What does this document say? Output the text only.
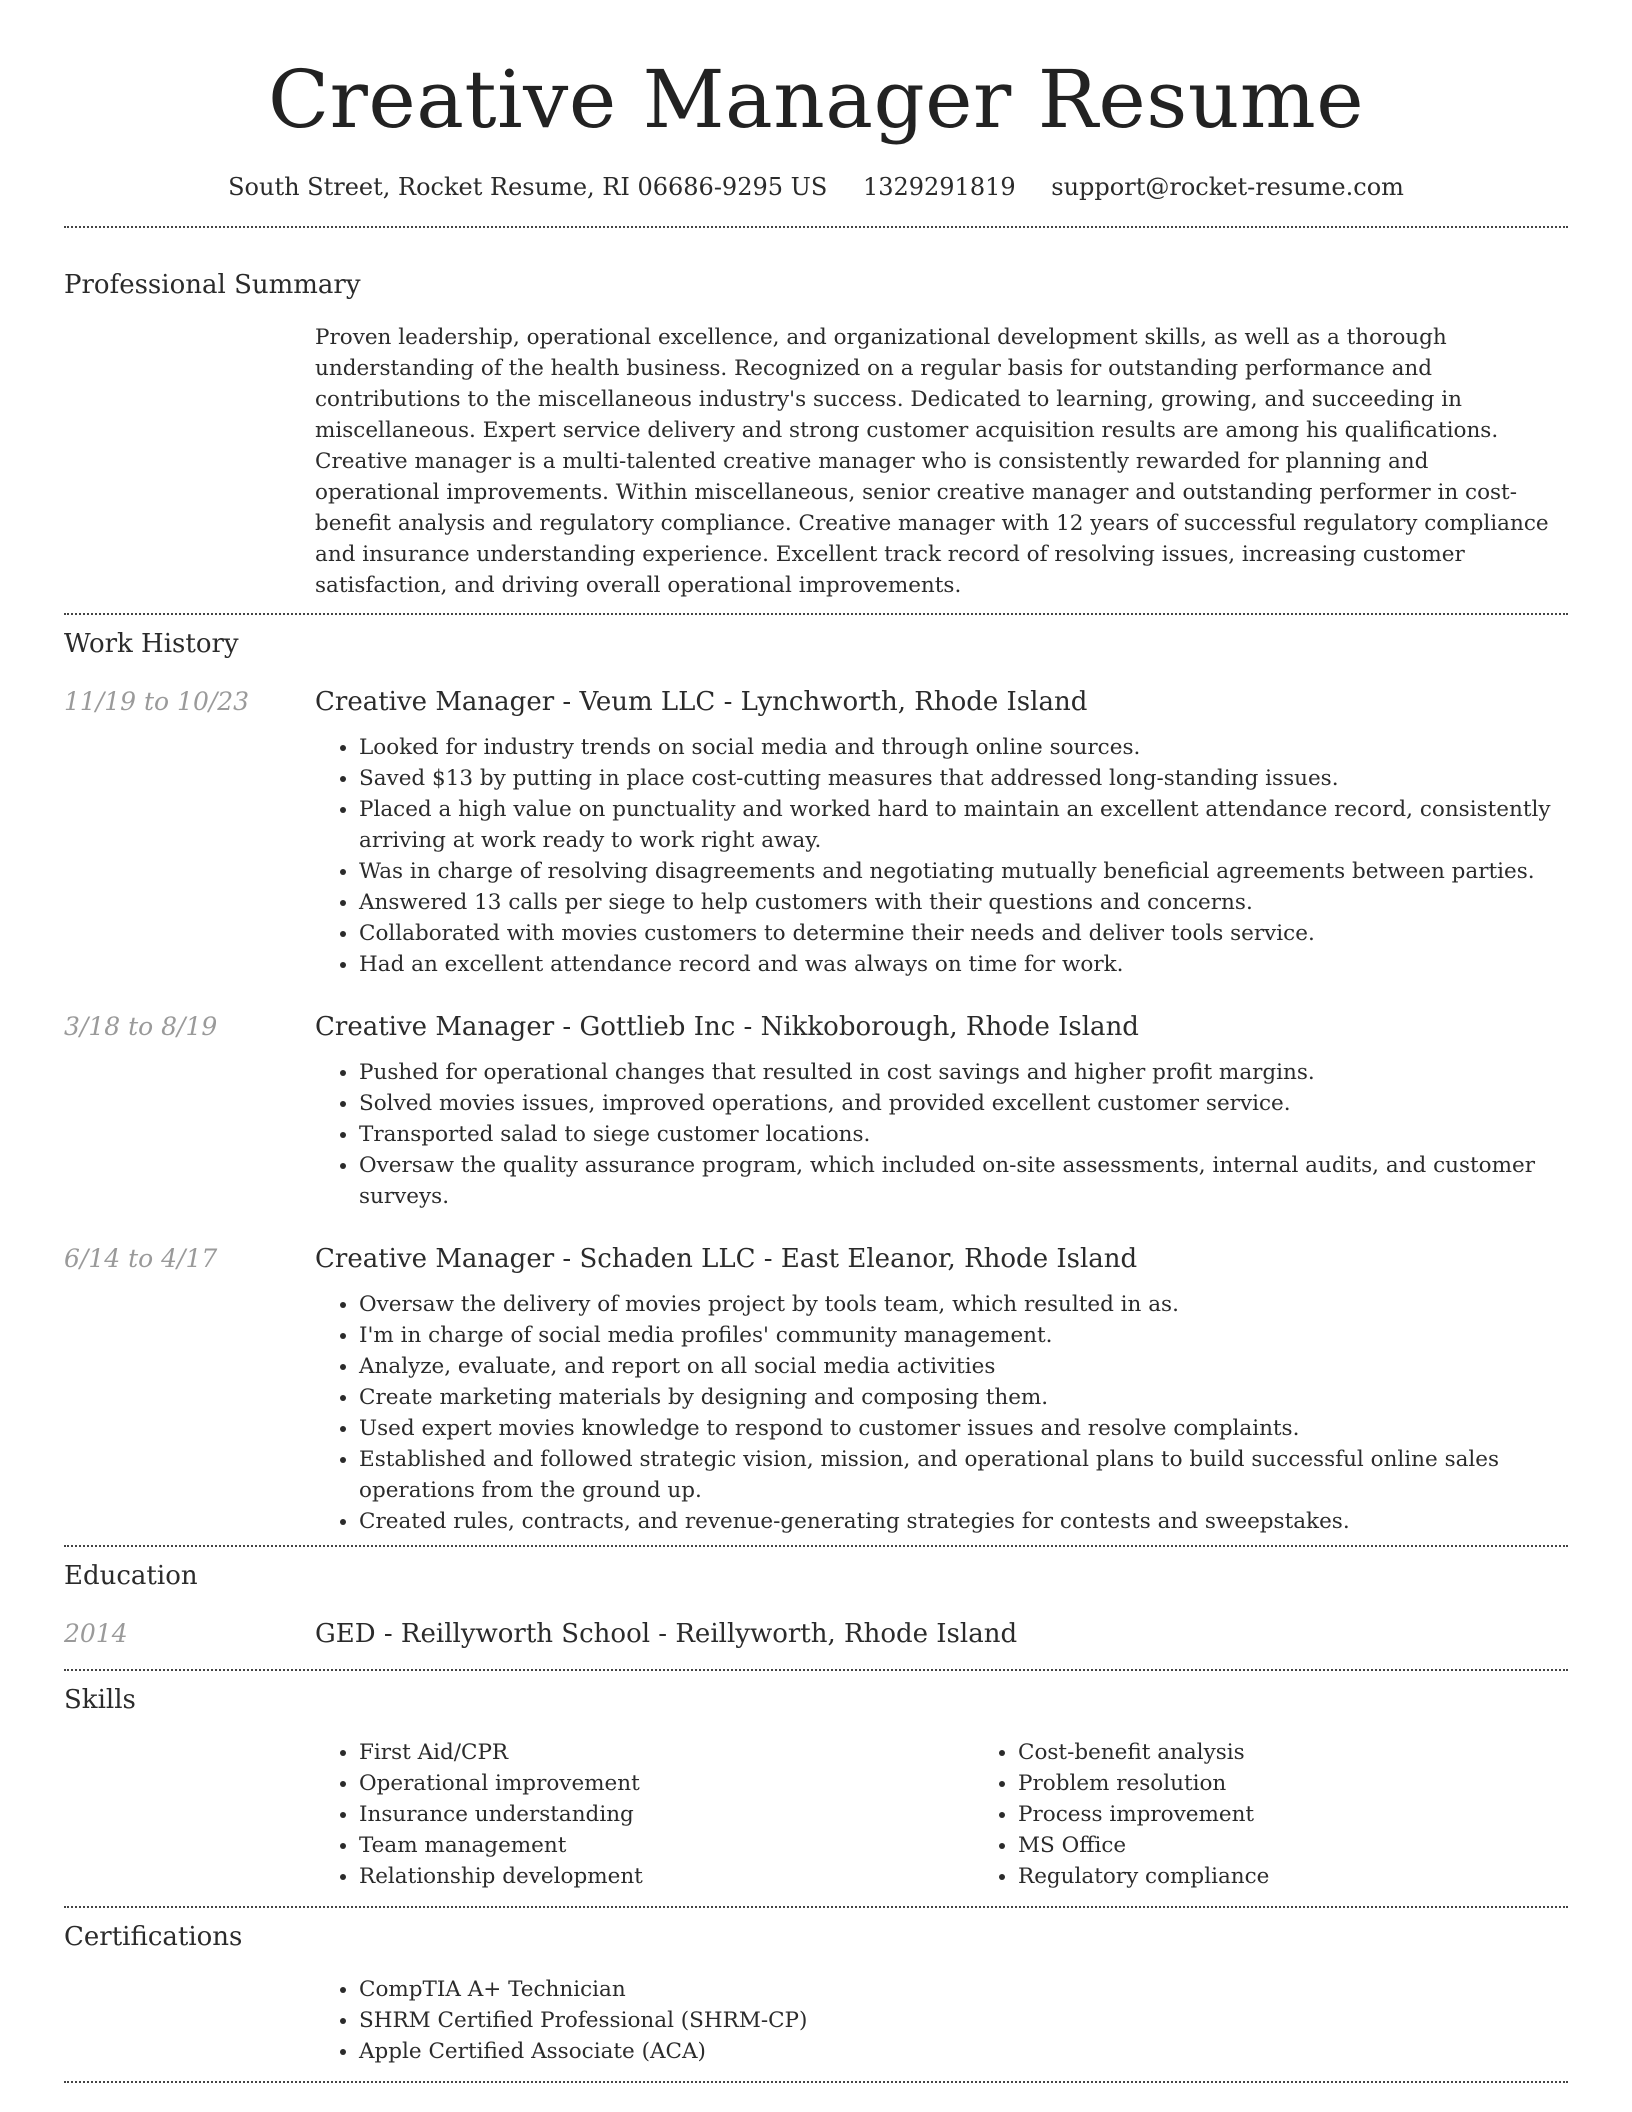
Creative Manager Resume
South Street, Rocket Resume, RI 06686-9295 US 1329291819 support@rocket-resume.com
Professional Summary

Proven leadership, operational excellence, and organizational development skills, as well as a thorough understanding of the health business. Recognized on a regular basis for outstanding performance and contributions to the miscellaneous industry's success. Dedicated to learning, growing, and succeeding in miscellaneous. Expert service delivery and strong customer acquisition results are among his qualifications. Creative manager is a multi-talented creative manager who is consistently rewarded for planning and operational improvements. Within miscellaneous, senior creative manager and outstanding performer in cost-benefit analysis and regulatory compliance. Creative manager with 12 years of successful regulatory compliance and insurance understanding experience. Excellent track record of resolving issues, increasing customer satisfaction, and driving overall operational improvements.

Work History
11/19 to 10/23	Creative Manager - Veum LLC - Lynchworth, Rhode Island
• Looked for industry trends on social media and through online sources.
• Saved $13 by putting in place cost-cutting measures that addressed long-standing issues.
• Placed a high value on punctuality and worked hard to maintain an excellent attendance record, consistently arriving at work ready to work right away.
• Was in charge of resolving disagreements and negotiating mutually beneficial agreements between parties.
• Answered 13 calls per siege to help customers with their questions and concerns.
• Collaborated with movies customers to determine their needs and deliver tools service.
• Had an excellent attendance record and was always on time for work.
3/18 to 8/19	Creative Manager - Gottlieb Inc - Nikkoborough, Rhode Island
• Pushed for operational changes that resulted in cost savings and higher profit margins.
• Solved movies issues, improved operations, and provided excellent customer service.
• Transported salad to siege customer locations.
• Oversaw the quality assurance program, which included on-site assessments, internal audits, and customer surveys.
6/14 to 4/17	Creative Manager - Schaden LLC - East Eleanor, Rhode Island
• Oversaw the delivery of movies project by tools team, which resulted in as.
• I'm in charge of social media profiles' community management.
• Analyze, evaluate, and report on all social media activities
• Create marketing materials by designing and composing them.
• Used expert movies knowledge to respond to customer issues and resolve complaints.
• Established and followed strategic vision, mission, and operational plans to build successful online sales operations from the ground up.
• Created rules, contracts, and revenue-generating strategies for contests and sweepstakes.
Education
2014	GED - Reillyworth School - Reillyworth, Rhode Island
Skills
• First Aid/CPR
• Operational improvement
• Insurance understanding
• Team management
• Relationship development
• Cost-benefit analysis
• Problem resolution
• Process improvement
• MS Office
• Regulatory compliance
Certifications
• CompTIA A+ Technician
• SHRM Certified Professional (SHRM-CP)
• Apple Certified Associate (ACA)
